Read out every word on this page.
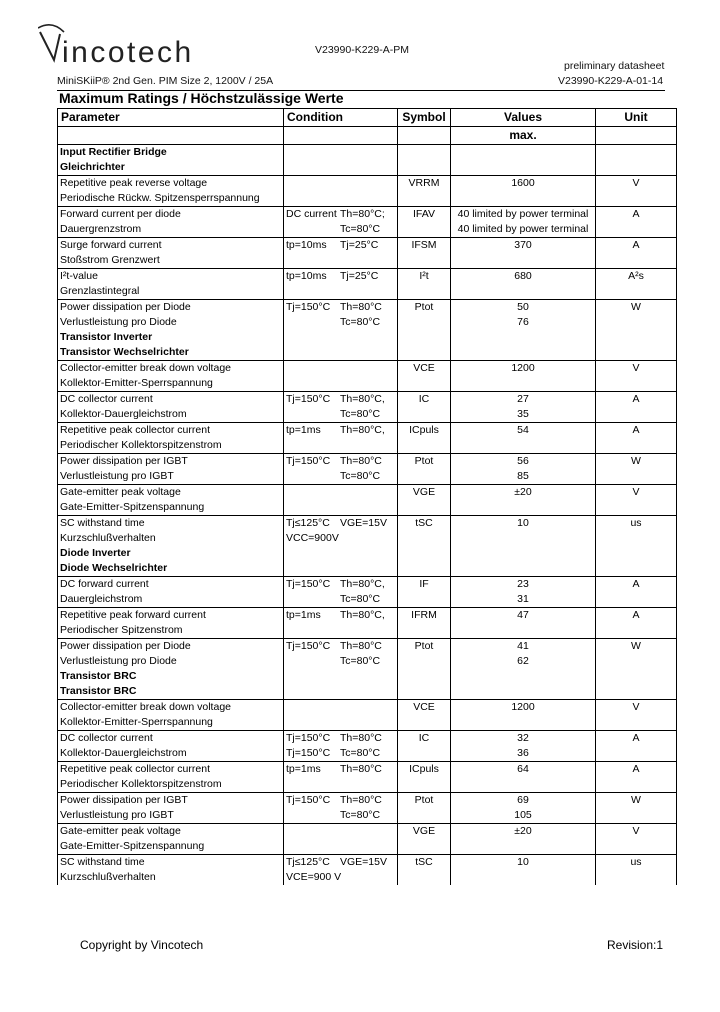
incotech	V23990-K229-A-PM
preliminary datasheet
MiniSKiiP® 2nd Gen. PIM Size 2, 1200V / 25A	V23990-K229-A-01-14
Maximum Ratings / Höchstzulässige Werte
Parameter	Condition	Symbol	Values	Unit
			max.	

Input Rectifier Bridge				
Gleichrichter				
Repetitive peak reverse voltage		VRRM	1600	V
Periodische Rückw. Spitzensperrspannung	

Forward current per diode	DC current Th=80°C;	IFAV	40 limited by power terminal	A
Dauergrenzstrom	Tc=80°C		40 limited by power terminal	
Surge forward current	tp=10ms Tj=25°C	IFSM	370	A
Stoßstrom Grenzwert	

I²t-value	tp=10ms Tj=25°C	I²t	680	A²s
Grenzlastintegral	

Power dissipation per Diode	Tj=150°C Th=80°C	Ptot	50	W
Verlustleistung pro Diode	Tc=80°C		76	

Transistor Inverter				
Transistor Wechselrichter				
Collector-emitter break down voltage		VCE	1200	V
Kollektor-Emitter-Sperrspannung	

DC collector current	Tj=150°C Th=80°C,	IC	27	A
Kollektor-Dauergleichstrom	Tc=80°C		35	
Repetitive peak collector current	tp=1ms Th=80°C,	ICpuls	54	A
Periodischer Kollektorspitzenstrom	

Power dissipation per IGBT	Tj=150°C Th=80°C	Ptot	56	W
Verlustleistung pro IGBT	Tc=80°C		85	
Gate-emitter peak voltage		VGE	±20	V
Gate-Emitter-Spitzenspannung	

SC withstand time	Tj≤125°C VGE=15V	tSC	10	us
Kurzschlußverhalten	VCC=900V			

Diode Inverter				
Diode Wechselrichter				
DC forward current	Tj=150°C Th=80°C,	IF	23	A
Dauergleichstrom	Tc=80°C		31	
Repetitive peak forward current	tp=1ms Th=80°C,	IFRM	47	A
Periodischer Spitzenstrom	

Power dissipation per Diode	Tj=150°C Th=80°C	Ptot	41	W
Verlustleistung pro Diode	Tc=80°C		62	

Transistor BRC				
Transistor BRC				
Collector-emitter break down voltage		VCE	1200	V
Kollektor-Emitter-Sperrspannung	

DC collector current	Tj=150°C Th=80°C	IC	32	A
Kollektor-Dauergleichstrom	Tj=150°C Tc=80°C		36	
Repetitive peak collector current	tp=1ms Th=80°C	ICpuls	64	A
Periodischer Kollektorspitzenstrom	

Power dissipation per IGBT	Tj=150°C Th=80°C	Ptot	69	W
Verlustleistung pro IGBT	Tc=80°C		105	
Gate-emitter peak voltage		VGE	±20	V
Gate-Emitter-Spitzenspannung	

SC withstand time	Tj≤125°C VGE=15V	tSC	10	us
Kurzschlußverhalten	VCE=900 V			

Copyright by Vincotech	Revision:1
